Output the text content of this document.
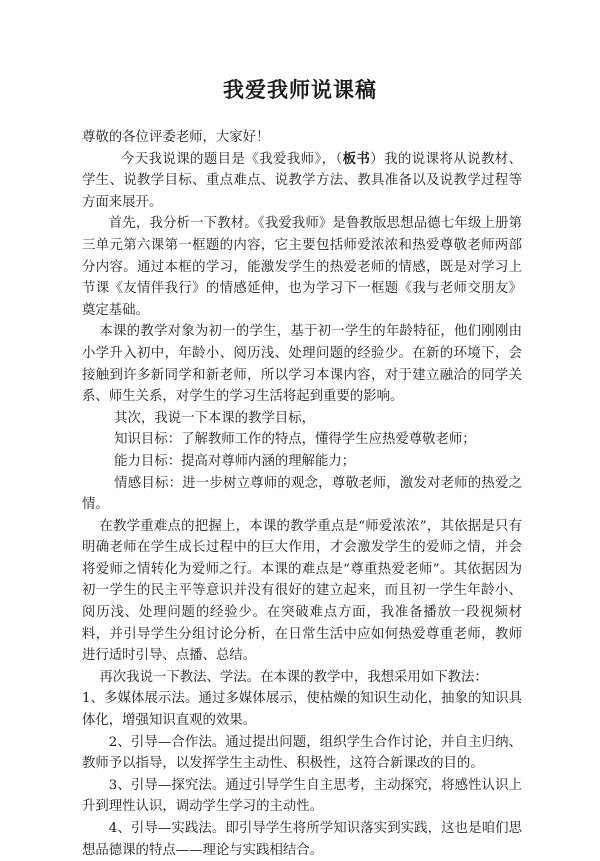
我爱我师说课稿

尊敬的各位评委老师，大家好！

今天我说课的题目是《我爱我师》，（板书）我的说课将从说教材、学生、说教学目标、重点难点、说教学方法、教具准备以及说教学过程等方面来展开。

首先，我分析一下教材。《我爱我师》是鲁教版思想品德七年级上册第三单元第六课第一框题的内容，它主要包括师爱浓浓和热爱尊敬老师两部分内容。通过本框的学习，能激发学生的热爱老师的情感，既是对学习上节课《友情伴我行》的情感延伸，也为学习下一框题《我与老师交朋友》奠定基础。

本课的教学对象为初一的学生，基于初一学生的年龄特征，他们刚刚由小学升入初中，年龄小、阅历浅、处理问题的经验少。在新的环境下，会接触到许多新同学和新老师，所以学习本课内容，对于建立融洽的同学关系、师生关系，对学生的学习生活将起到重要的影响。

其次，我说一下本课的教学目标，

知识目标：了解教师工作的特点，懂得学生应热爱尊敬老师；

能力目标：提高对尊师内涵的理解能力；

情感目标：进一步树立尊师的观念，尊敬老师，激发对老师的热爱之情。

在教学重难点的把握上，本课的教学重点是“师爱浓浓”，其依据是只有明确老师在学生成长过程中的巨大作用，才会激发学生的爱师之情，并会将爱师之情转化为爱师之行。本课的难点是“尊重热爱老师”。其依据因为初一学生的民主平等意识并没有很好的建立起来，而且初一学生年龄小、阅历浅、处理问题的经验少。在突破难点方面，我准备播放一段视频材料，并引导学生分组讨论分析，在日常生活中应如何热爱尊重老师，教师进行适时引导、点播、总结。

再次我说一下教法、学法。在本课的教学中，我想采用如下教法：

1、多媒体展示法。通过多媒体展示，使枯燥的知识生动化，抽象的知识具体化，增强知识直观的效果。

2、引导—合作法。通过提出问题，组织学生合作讨论，并自主归纳、教师予以指导，以发挥学生主动性、积极性，这符合新课改的目的。

3、引导—探究法。通过引导学生自主思考，主动探究，将感性认识上升到理性认识，调动学生学习的主动性。

4、引导—实践法。即引导学生将所学知识落实到实践，这也是咱们思想品德课的特点——理论与实践相结合。
